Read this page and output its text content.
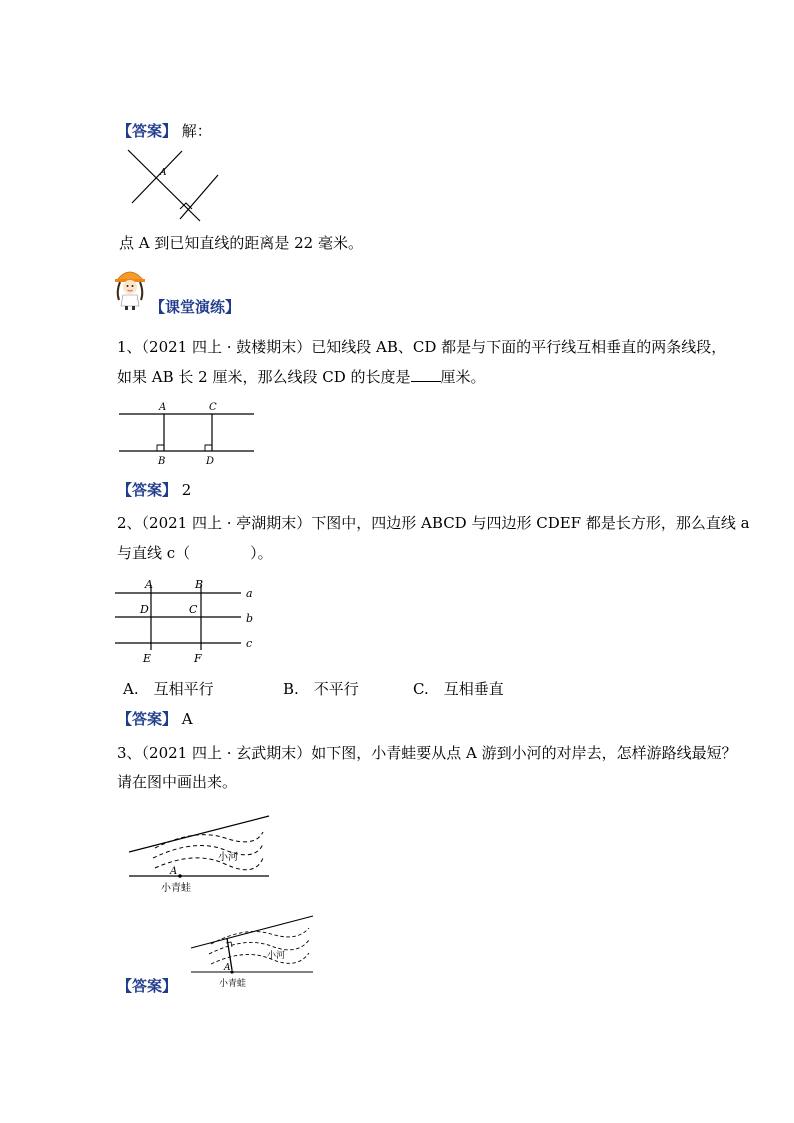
【答案】 解：
A
点 A 到已知直线的距离是 22 毫米。
【课堂演练】
1、（2021 四上 · 鼓楼期末）已知线段 AB、CD 都是与下面的平行线互相垂直的两条线段，
如果 AB 长 2 厘米，那么线段 CD 的长度是 厘米。
A	C
B	D
【答案】 2
2、（2021 四上 · 亭湖期末）下图中，四边形 ABCD 与四边形 CDEF 都是长方形，那么直线 a
与直线 c（　　　　）。
A	B
D	C
E	F
a
b
c
A.　互相平行	B.　不平行	C.　互相垂直
【答案】 A
3、（2021 四上 · 玄武期末）如下图，小青蛙要从点 A 游到小河的对岸去，怎样游路线最短？
请在图中画出来。
A
小河
小青蛙
【答案】
A
小河
小青蛙
